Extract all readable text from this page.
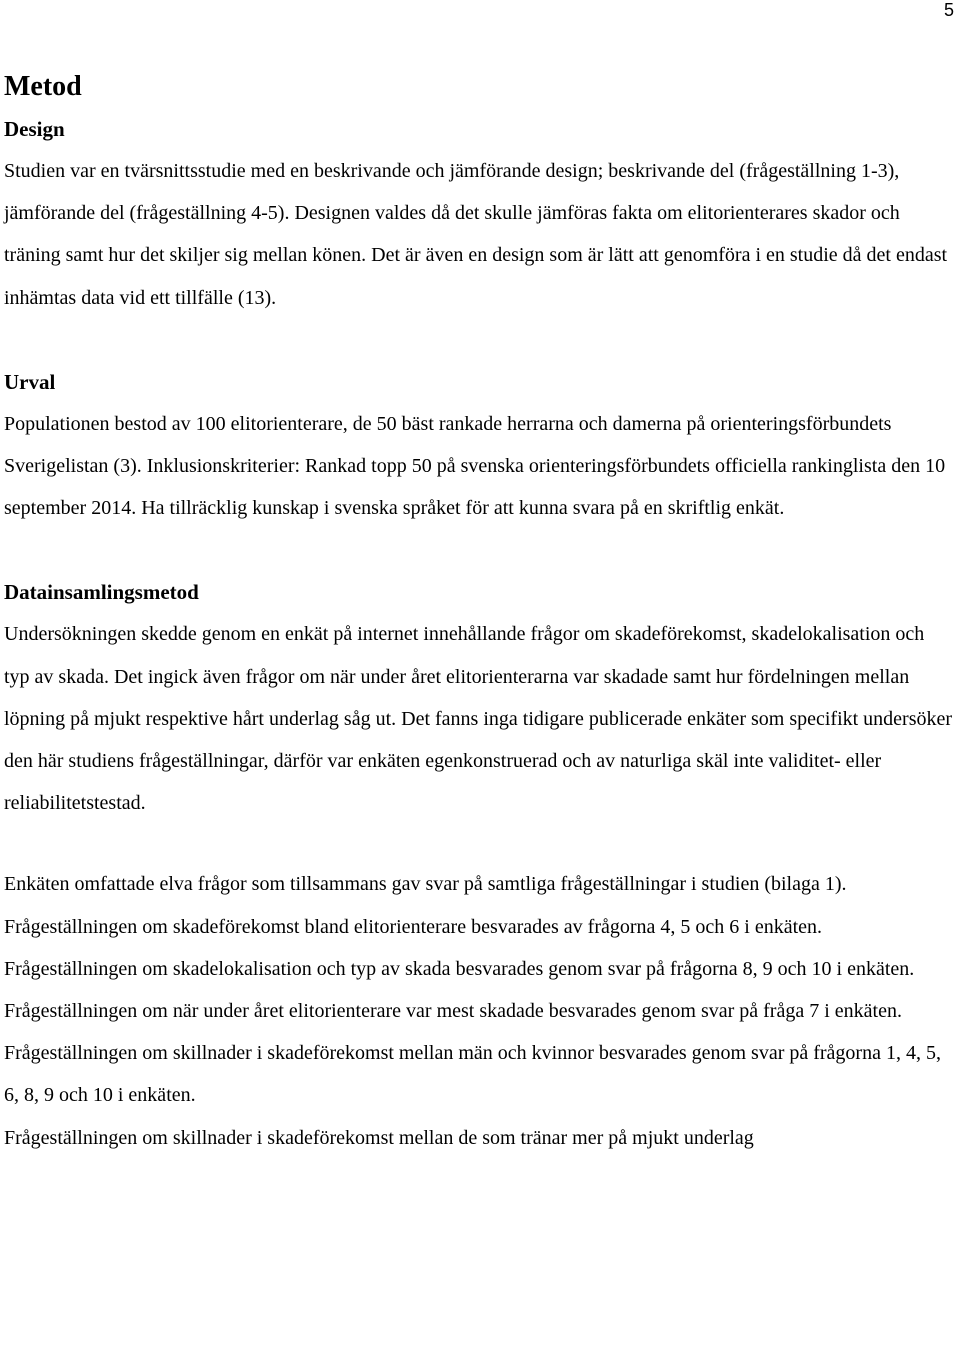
5
Metod
Design

Studien var en tvärsnittsstudie med en beskrivande och jämförande design; beskrivande del (frågeställning 1-3), jämförande del (frågeställning 4-5). Designen valdes då det skulle jämföras fakta om elitorienterares skador och träning samt hur det skiljer sig mellan könen. Det är även en design som är lätt att genomföra i en studie då det endast inhämtas data vid ett tillfälle (13).

Urval

Populationen bestod av 100 elitorienterare, de 50 bäst rankade herrarna och damerna på orienteringsförbundets Sverigelistan (3). Inklusionskriterier: Rankad topp 50 på svenska orienteringsförbundets officiella rankinglista den 10 september 2014. Ha tillräcklig kunskap i svenska språket för att kunna svara på en skriftlig enkät.

Datainsamlingsmetod

Undersökningen skedde genom en enkät på internet innehållande frågor om skadeförekomst, skadelokalisation och typ av skada. Det ingick även frågor om när under året elitorienterarna var skadade samt hur fördelningen mellan löpning på mjukt respektive hårt underlag såg ut. Det fanns inga tidigare publicerade enkäter som specifikt undersöker den här studiens frågeställningar, därför var enkäten egenkonstruerad och av naturliga skäl inte validitet- eller reliabilitetstestad.

Enkäten omfattade elva frågor som tillsammans gav svar på samtliga frågeställningar i studien (bilaga 1). Frågeställningen om skadeförekomst bland elitorienterare besvarades av frågorna 4, 5 och 6 i enkäten.

Frågeställningen om skadelokalisation och typ av skada besvarades genom svar på frågorna 8, 9 och 10 i enkäten.

Frågeställningen om när under året elitorienterare var mest skadade besvarades genom svar på fråga 7 i enkäten.

Frågeställningen om skillnader i skadeförekomst mellan män och kvinnor besvarades genom svar på frågorna 1, 4, 5, 6, 8, 9 och 10 i enkäten.

Frågeställningen om skillnader i skadeförekomst mellan de som tränar mer på mjukt underlag
